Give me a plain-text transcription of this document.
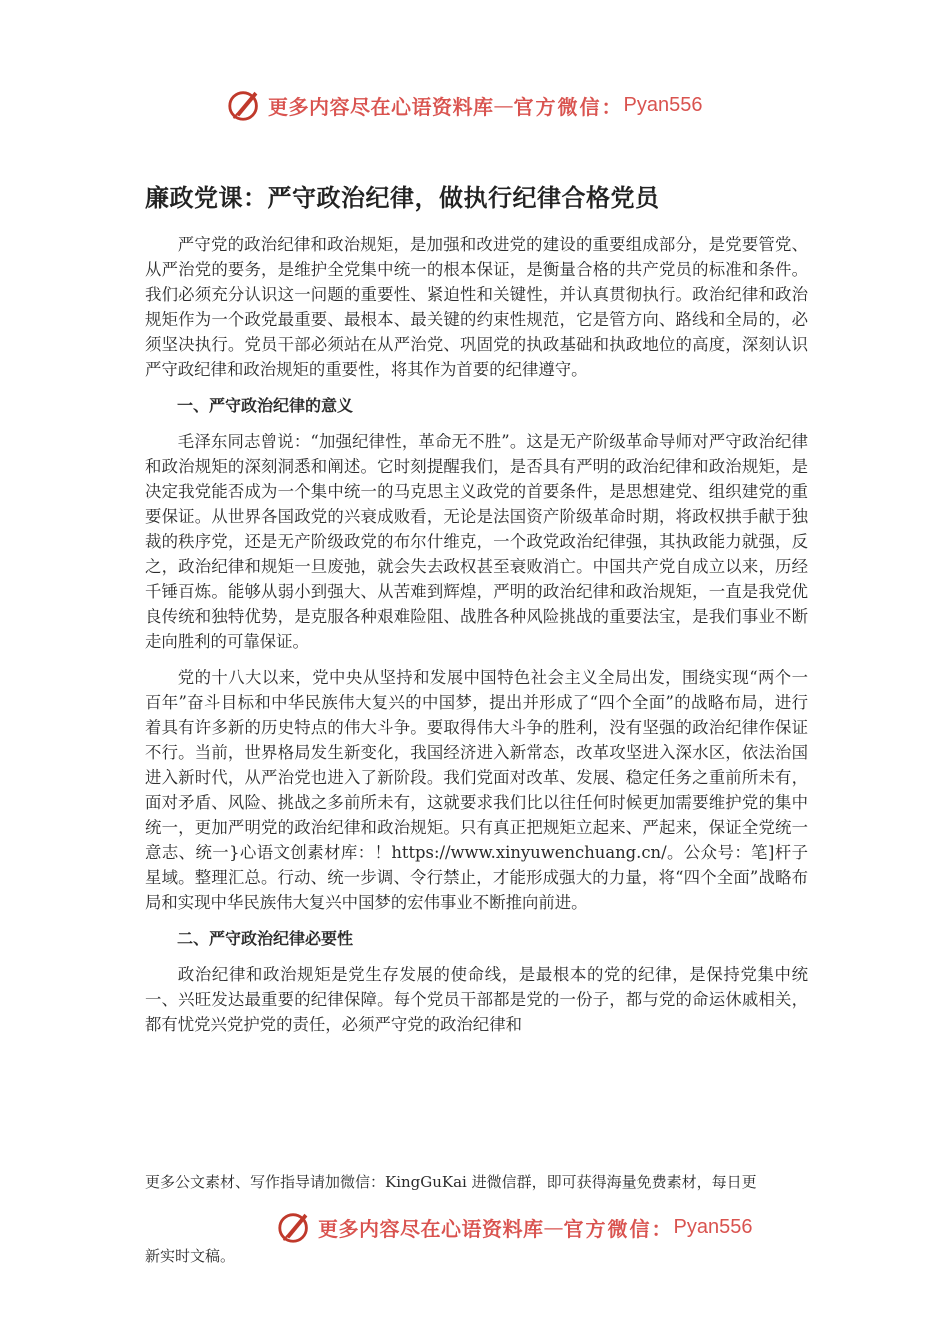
更多内容尽在心语资料库 — 官方微信： Pyan556
廉政党课：严守政治纪律，做执行纪律合格党员

严守党的政治纪律和政治规矩，是加强和改进党的建设的重要组成部分，是党要管党、从严治党的要务，是维护全党集中统一的根本保证，是衡量合格的共产党员的标准和条件。我们必须充分认识这一问题的重要性、紧迫性和关键性，并认真贯彻执行。政治纪律和政治规矩作为一个政党最重要、最根本、最关键的约束性规范，它是管方向、路线和全局的，必须坚决执行。党员干部必须站在从严治党、巩固党的执政基础和执政地位的高度，深刻认识严守政纪律和政治规矩的重要性，将其作为首要的纪律遵守。

一、严守政治纪律的意义

毛泽东同志曾说：“加强纪律性，革命无不胜”。这是无产阶级革命导师对严守政治纪律和政治规矩的深刻洞悉和阐述。它时刻提醒我们，是否具有严明的政治纪律和政治规矩，是决定我党能否成为一个集中统一的马克思主义政党的首要条件，是思想建党、组织建党的重要保证。从世界各国政党的兴衰成败看，无论是法国资产阶级革命时期，将政权拱手献于独裁的秩序党，还是无产阶级政党的布尔什维克，一个政党政治纪律强，其执政能力就强，反之，政治纪律和规矩一旦废弛，就会失去政权甚至衰败消亡。中国共产党自成立以来，历经千锤百炼。能够从弱小到强大、从苦难到辉煌，严明的政治纪律和政治规矩，一直是我党优良传统和独特优势，是克服各种艰难险阻、战胜各种风险挑战的重要法宝，是我们事业不断走向胜利的可靠保证。

党的十八大以来，党中央从坚持和发展中国特色社会主义全局出发，围绕实现“两个一百年”奋斗目标和中华民族伟大复兴的中国梦，提出并形成了“四个全面”的战略布局，进行着具有许多新的历史特点的伟大斗争。要取得伟大斗争的胜利，没有坚强的政治纪律作保证不行。当前，世界格局发生新变化，我国经济进入新常态，改革攻坚进入深水区，依法治国进入新时代，从严治党也进入了新阶段。我们党面对改革、发展、稳定任务之重前所未有，面对矛盾、风险、挑战之多前所未有，这就要求我们比以往任何时候更加需要维护党的集中统一，更加严明党的政治纪律和政治规矩。只有真正把规矩立起来、严起来，保证全党统一意志、统一}心语文创素材库：！https://www.xinyuwenchuang.cn/。公众号：笔]杆子星域。整理汇总。行动、统一步调、令行禁止，才能形成强大的力量，将“四个全面”战略布局和实现中华民族伟大复兴中国梦的宏伟事业不断推向前进。

二、严守政治纪律必要性

政治纪律和政治规矩是党生存发展的使命线，是最根本的党的纪律，是保持党集中统一、兴旺发达最重要的纪律保障。每个党员干部都是党的一份子，都与党的命运休戚相关，都有忧党兴党护党的责任，必须严守党的政治纪律和

更多公文素材、写作指导请加微信：KingGuKai 进微信群，即可获得海量免费素材，每日更
更多内容尽在心语资料库 — 官方微信： Pyan556
新实时文稿。
